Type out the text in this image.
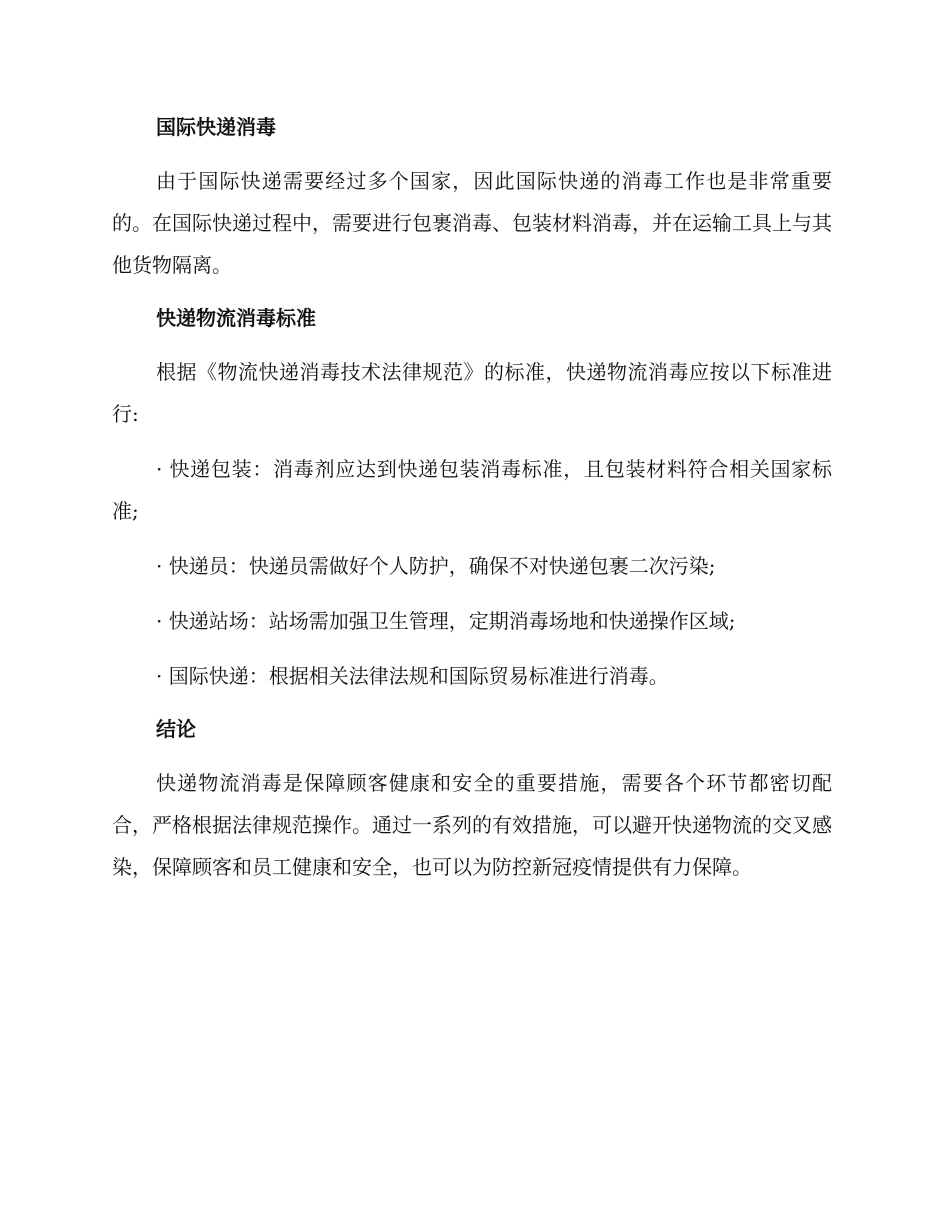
国际快递消毒

由于国际快递需要经过多个国家，因此国际快递的消毒工作也是非常重要的。在国际快递过程中，需要进行包裹消毒、包装材料消毒，并在运输工具上与其他货物隔离。

快递物流消毒标准

根据《物流快递消毒技术法律规范》的标准，快递物流消毒应按以下标准进行:

· 快递包装：消毒剂应达到快递包装消毒标准，且包装材料符合相关国家标准;

· 快递员：快递员需做好个人防护，确保不对快递包裹二次污染;

· 快递站场：站场需加强卫生管理，定期消毒场地和快递操作区域;

· 国际快递：根据相关法律法规和国际贸易标准进行消毒。

结论

快递物流消毒是保障顾客健康和安全的重要措施，需要各个环节都密切配合，严格根据法律规范操作。通过一系列的有效措施，可以避开快递物流的交叉感染，保障顾客和员工健康和安全，也可以为防控新冠疫情提供有力保障。
